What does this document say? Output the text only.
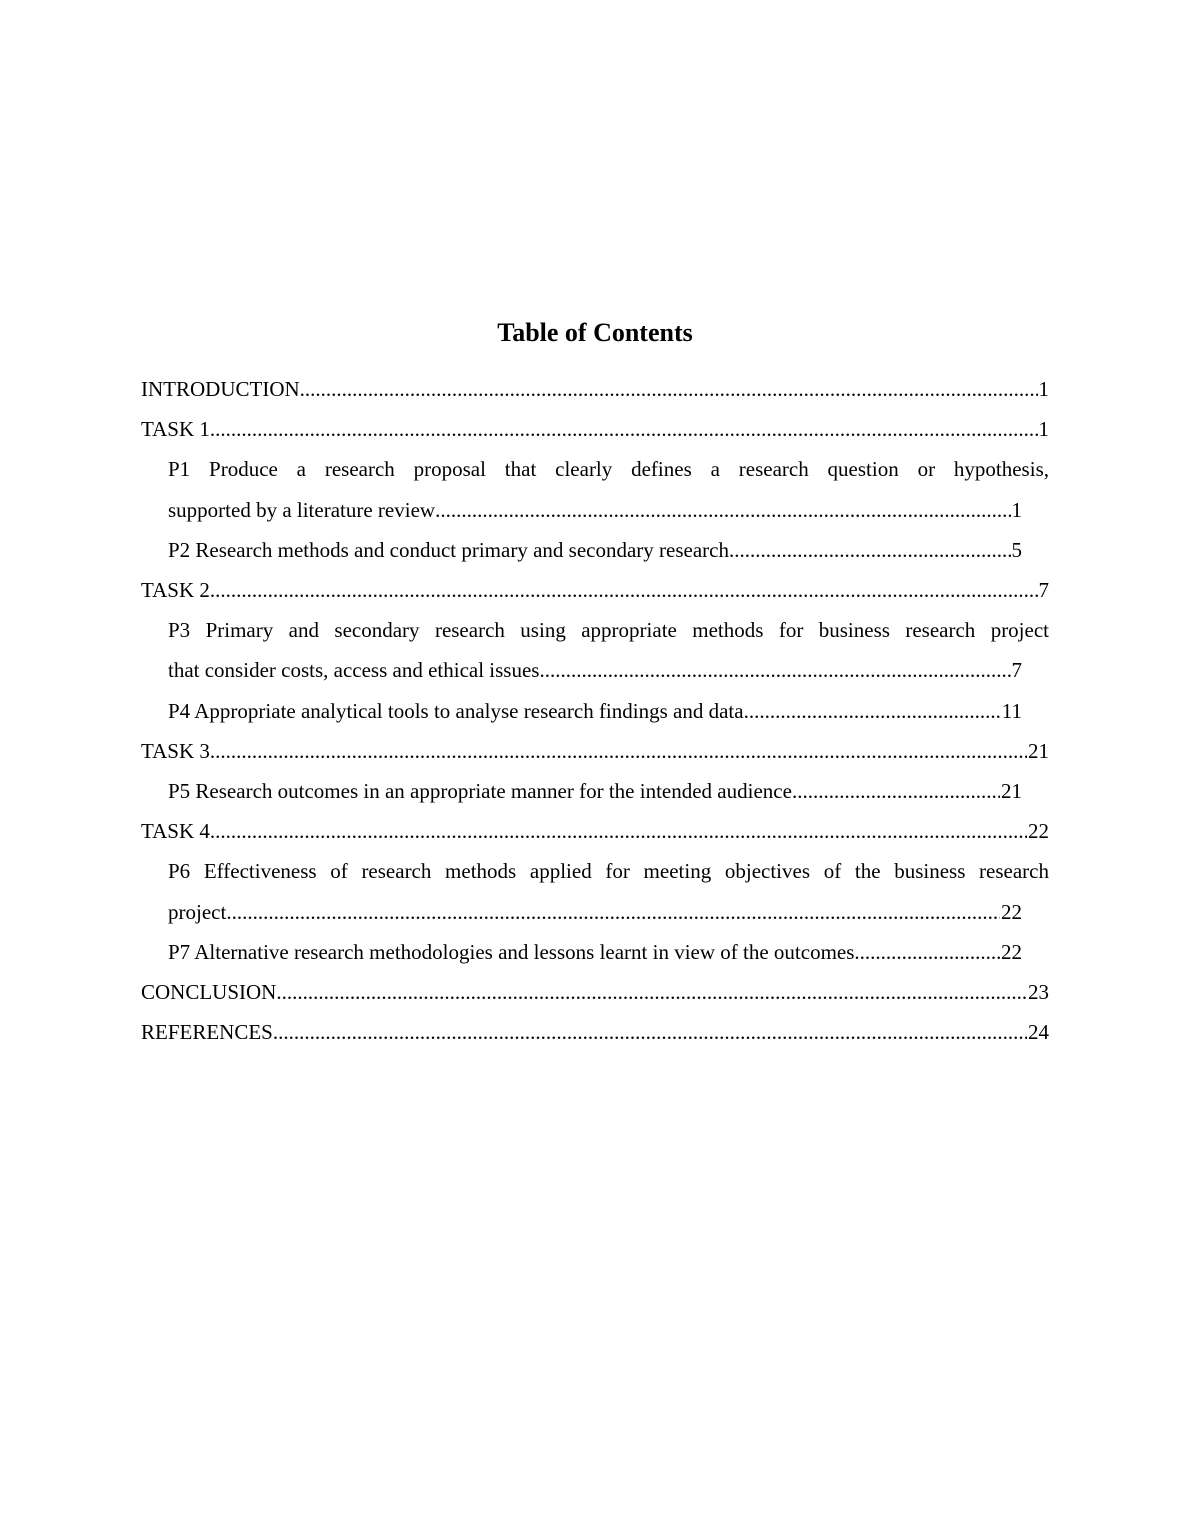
Table of Contents
INTRODUCTION .....	1
TASK 1 .....	1
P1 Produce a research proposal that clearly defines a research question or hypothesis,
supported by a literature review .....	1
P2 Research methods and conduct primary and secondary research .....	5
TASK 2 .....	7
P3 Primary and secondary research using appropriate methods for business research project
that consider costs, access and ethical issues .....	7
P4 Appropriate analytical tools to analyse research findings and data .....	11
TASK 3 .....	21
P5 Research outcomes in an appropriate manner for the intended audience .....	21
TASK 4 .....	22
P6 Effectiveness of research methods applied for meeting objectives of the business research
project .....	22
P7 Alternative research methodologies and lessons learnt in view of the outcomes .....	22
CONCLUSION .....	23
REFERENCES .....	24
